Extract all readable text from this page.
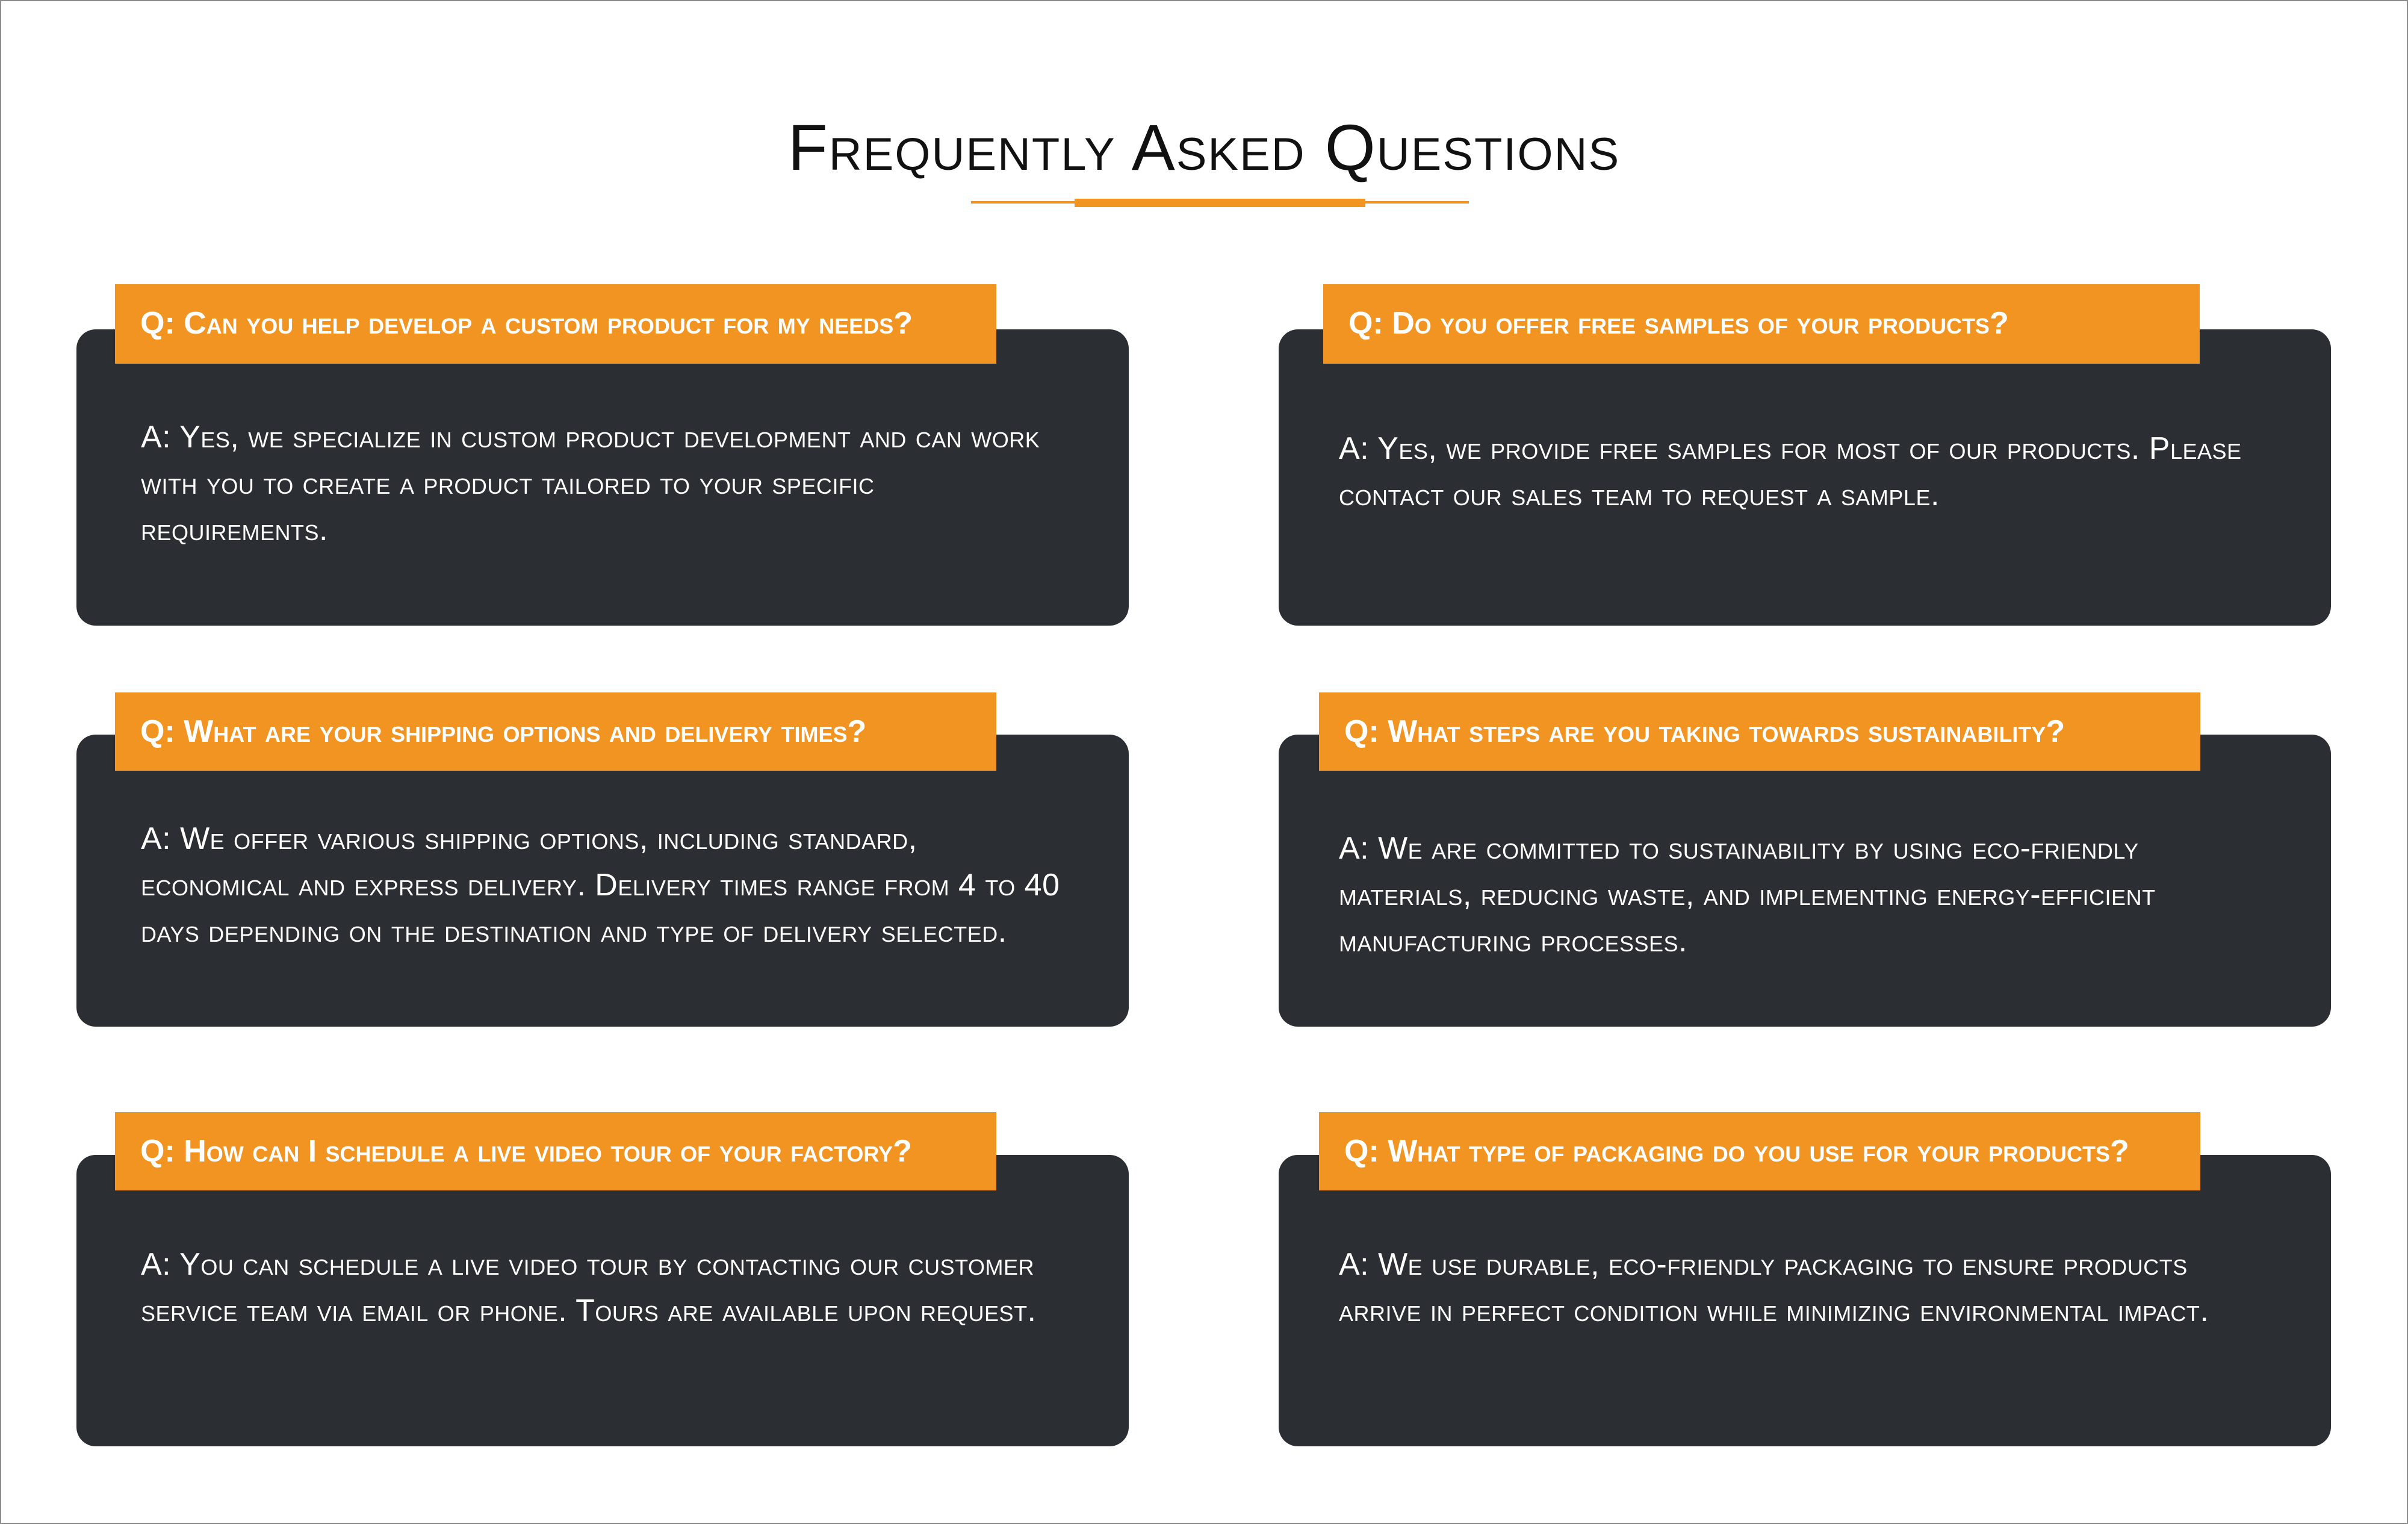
Frequently Asked Questions
Q: Can you help develop a custom product for my needs?
A: Yes, we specialize in custom product development and can work with you to create a product tailored to your specific requirements.
Q: Do you offer free samples of your products?
A: Yes, we provide free samples for most of our products. Please contact our sales team to request a sample.
Q: What are your shipping options and delivery times?
A: We offer various shipping options, including standard, economical and express delivery. Delivery times range from 4 to 40 days depending on the destination and type of delivery selected.
Q: What steps are you taking towards sustainability?
A: We are committed to sustainability by using eco-friendly materials, reducing waste, and implementing energy-efficient manufacturing processes.
Q: How can I schedule a live video tour of your factory?
A: You can schedule a live video tour by contacting our customer service team via email or phone. Tours are available upon request.
Q: What type of packaging do you use for your products?
A: We use durable, eco-friendly packaging to ensure products arrive in perfect condition while minimizing environmental impact.
